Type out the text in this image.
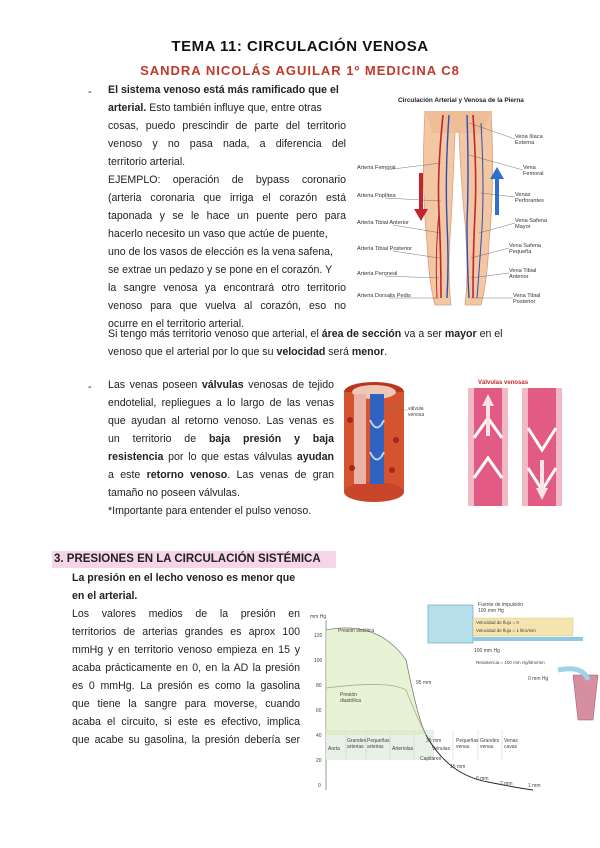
TEMA 11: CIRCULACIÓN VENOSA
SANDRA NICOLÁS AGUILAR 1º MEDICINA C8
- El sistema venoso está más ramificado que el
arterial. Esto también influye que, entre otras
cosas, puedo prescindir de parte del territorio
venoso y no pasa nada, a diferencia del
territorio arterial.
EJEMPLO: operación de bypass coronario
(arteria coronaria que irriga el corazón está
taponada y se le hace un puente pero para
hacerlo necesito un vaso que actúe de puente,
uno de los vasos de elección es la vena safena,
se extrae un pedazo y se pone en el corazón. Y
la sangre venosa ya encontrará otro territorio
venoso para que vuelva al corazón, eso no
ocurre en el territorio arterial.
Si tengo más territorio venoso que arterial, el área de sección va a ser mayor en el
venoso que el arterial por lo que su velocidad será menor.
Circulación Arterial y Venosa de la Pierna
Arteria Femoral
Arteria Poplítea
Arteria Tibial Anterior
Arteria Tibial Posterior
Arteria Peroneal
Arteria Dorsalis Pedis
Vena Ilíaca Externa
Vena Femoral
Venas Perforantes
Vena Safena Mayor
Vena Safena Pequeña
Vena Tibial Anterior
Vena Tibial Posterior
- Las venas poseen válvulas venosas de tejido
endotelial, repliegues a lo largo de las venas
que ayudan al retorno venoso. Las venas es
un territorio de baja presión y baja
resistencia por lo que estas válvulas ayudan
a este retorno venoso. Las venas de gran
tamaño no poseen válvulas.
*Importante para entender el pulso venoso.
válvula venosa
Válvulas venosas
3. PRESIONES EN LA CIRCULACIÓN SISTÉMICA
La presión en el lecho venoso es menor que
en el arterial.
Los valores medios de la presión en
territorios de arterias grandes es aprox 100
mmHg y en territorio venoso empieza en 15 y
acaba prácticamente en 0, en la AD la presión
es 0 mmHg. La presión es como la gasolina
que tiene la sangre para moverse, cuando
acaba el circuito, si este es efectivo, implica
que acabe su gasolina, la presión debería ser
mm Hg
120
100
80
60
40
20
0
Presión sistólica
Presión diastólica
95 mm
35 mm
15 mm
6 mm
2 mm	1 mm
100 mm Hg
0 mm Hg
Fuente de impulsión 100 mm Hg
Velocidad de flujo = 0
Velocidad de flujo = 1 litro/min
Resistencia = 100 mm Hg/litro/min
Aorta
Grandes arterias
Pequeñas arterias	Arteriolas
Capilares
Vénulas
Pequeñas venas
Grandes venas
Venas cavas
